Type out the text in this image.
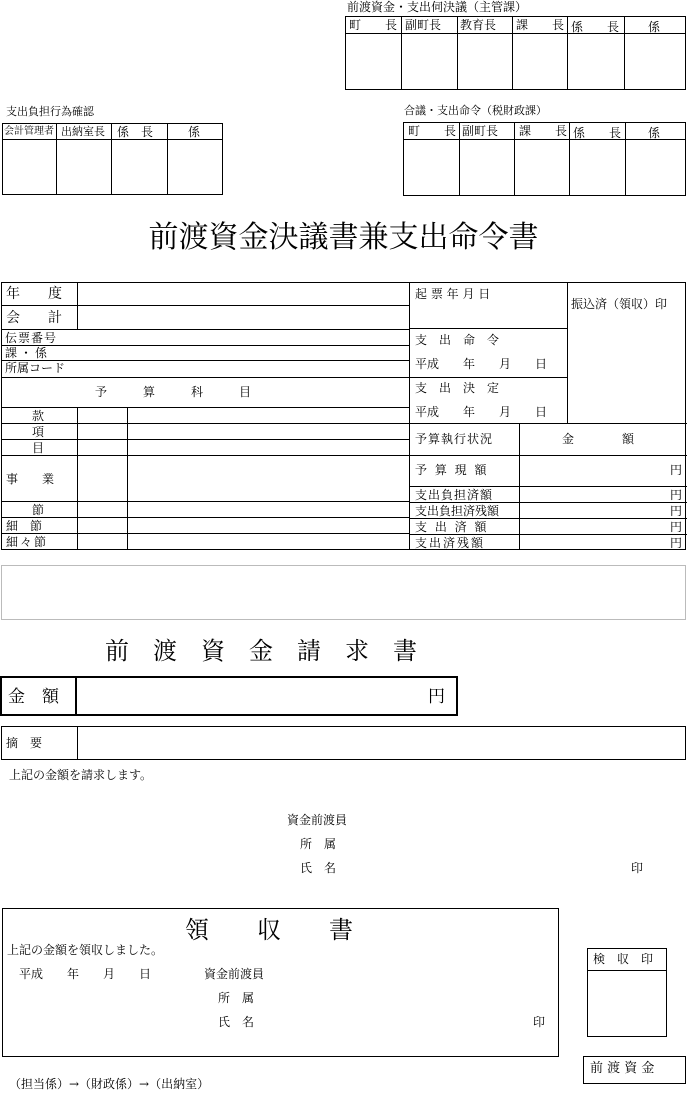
前渡資金・支出伺決議（主管課）
町　　長 副町長 教育長 課　　長 係　　長 係
支出負担行為確認
会計管理者 出納室長 係　長	係
合議・支出命令（税財政課）
町　　長 副町長 課　　長 係　　長 係
前渡資金決議書兼支出命令書
年　　度
会　　計
伝票番号
課・係
所属コード
予　　　算　　　科　　　目
款
項
目
事　　業
節
細　節
細々節
起 票 年 月 日
振込済（領収）印
支　出　命　令
平成　　年　　月　　日
支　出　決　定
平成　　年　　月　　日
予算執行状況	金　　　　額
予 算 現 額	円
支出負担済額	円
支出負担済残額	円
支 出 済 額	円
支出済残額	円
前　渡　資　金　請　求　書
金　額	円
摘　要
上記の金額を請求します。
資金前渡員
所　属
氏　名	印
領　　収　　書
上記の金額を領収しました。
平成　　年　　月　　日	資金前渡員
所　属
氏　名	印
検　収　印
前 渡 資 金
（担当係）→（財政係）→（出納室）
